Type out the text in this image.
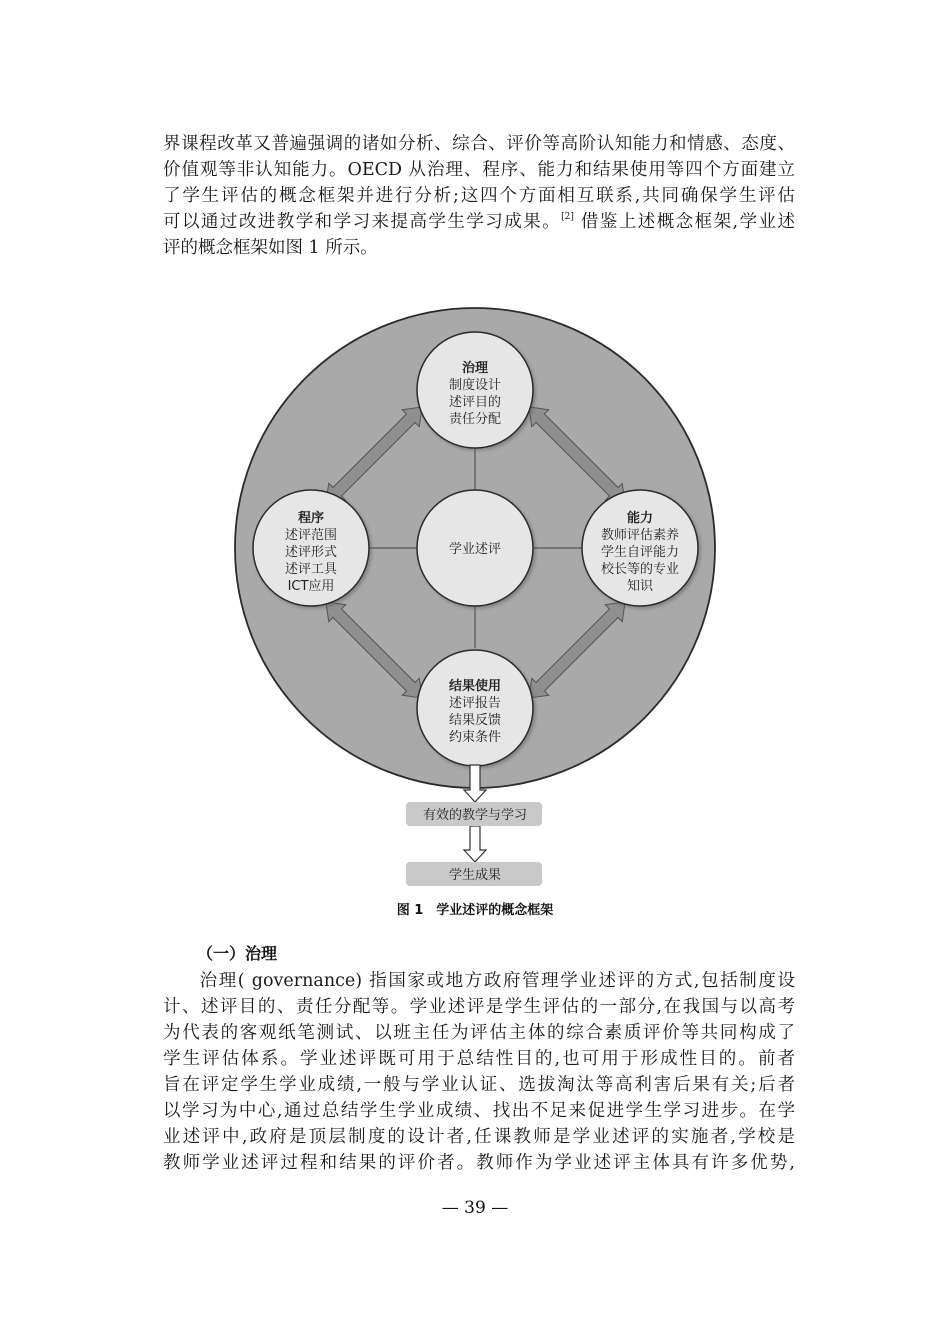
界课程改革又普遍强调的诸如分析、综合、评价等高阶认知能力和情感、态度、
价值观等非认知能力。OECD 从治理、程序、能力和结果使用等四个方面建立
了学生评估的概念框架并进行分析;这四个方面相互联系,共同确保学生评估
可以通过改进教学和学习来提高学生学习成果。[2] 借鉴上述概念框架,学业述
评的概念框架如图 1 所示。
治理
制度设计
述评目的
责任分配
程序
述评范围
述评形式
述评工具
ICT应用
学业述评
能力
教师评估素养
学生自评能力
校长等的专业
知识
结果使用
述评报告
结果反馈
约束条件
有效的教学与学习
学生成果
图 1　学业述评的概念框架
（一）治理
治理( governance) 指国家或地方政府管理学业述评的方式,包括制度设
计、述评目的、责任分配等。学业述评是学生评估的一部分,在我国与以高考
为代表的客观纸笔测试、以班主任为评估主体的综合素质评价等共同构成了
学生评估体系。学业述评既可用于总结性目的,也可用于形成性目的。前者
旨在评定学生学业成绩,一般与学业认证、选拔淘汰等高利害后果有关;后者
以学习为中心,通过总结学生学业成绩、找出不足来促进学生学习进步。在学
业述评中,政府是顶层制度的设计者,任课教师是学业述评的实施者,学校是
教师学业述评过程和结果的评价者。教师作为学业述评主体具有许多优势,
— 39 —
